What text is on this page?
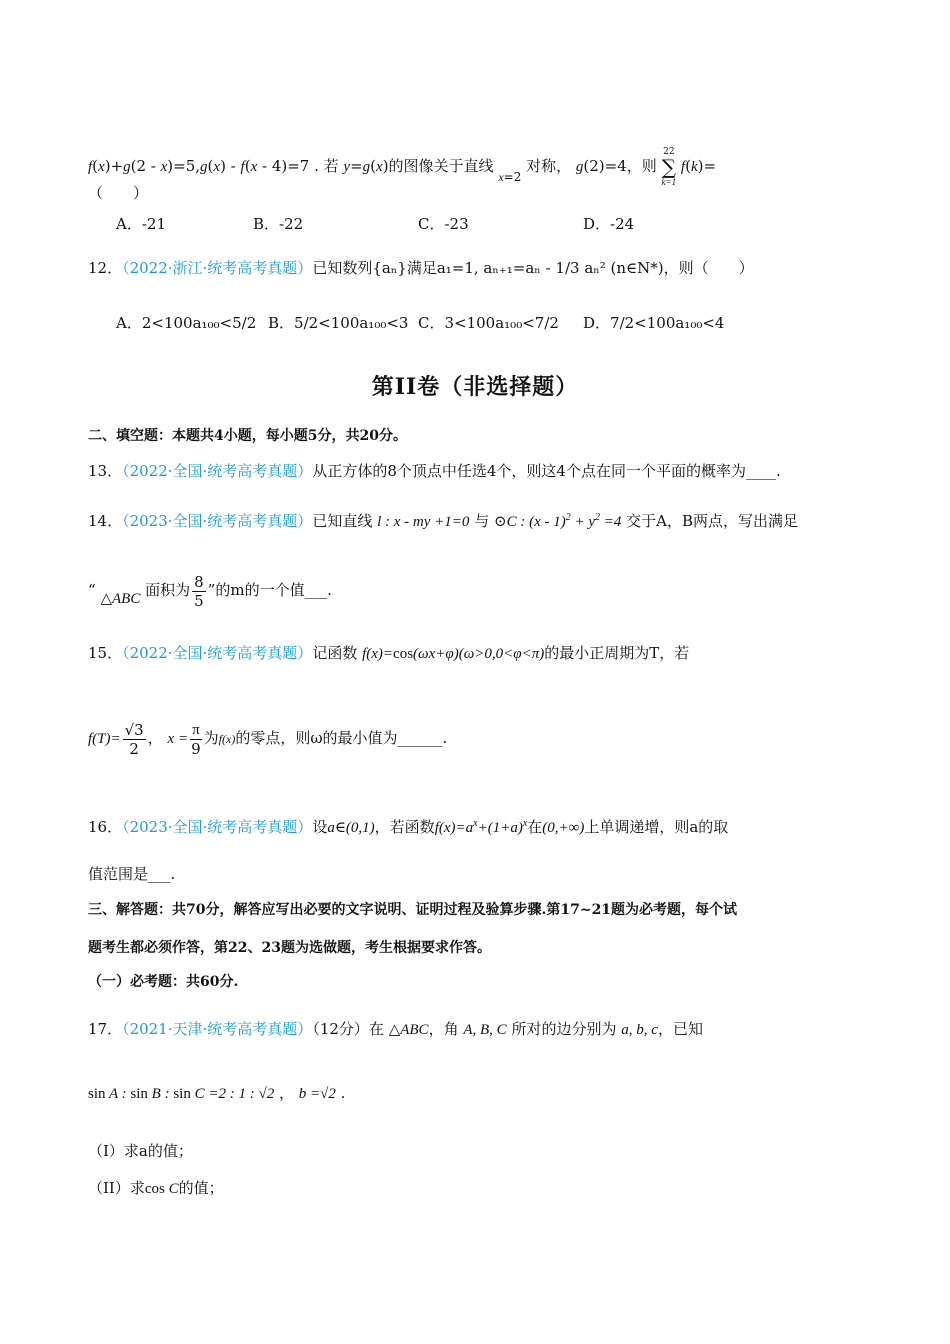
f(x)+g(2 - x)=5,g(x) - f(x - 4)=7 . 若 y=g(x)的图像关于直线 $_{x=2}$ 对称， g(2)=4，则
22
∑
k=1
f(k)=
（　　）
A．-21	B．-22	C．-23	D．-24
12．（2022·浙江·统考高考真题）已知数列{aₙ}满足a₁=1, aₙ₊₁=aₙ - 1/3 aₙ² (n∈N*)，则（　　）
A．2<100a₁₀₀<5/2 B．5/2<100a₁₀₀<3 C．3<100a₁₀₀<7/2 D．7/2<100a₁₀₀<4
第II卷（非选择题）
二、填空题：本题共4小题，每小题5分，共20分。
13．（2022·全国·统考高考真题）从正方体的8个顶点中任选4个，则这4个点在同一个平面的概率为____.
14．（2023·全国·统考高考真题）已知直线 l : x - my +1=0 与 ⊙C : $(x - 1)^2 + y^2 =4$ 交于A，B两点，写出满足
“ △ABC 面积为 $\frac{8}{5}$ ”的m的一个值___.
15．（2022·全国·统考高考真题）记函数 f(x)=cos(ωx+φ)(ω>0,0<φ<π)的最小正周期为T，若
$f(T)= \frac{√3}{2}$ ， $x = \frac{\pi}{9}$ 为f(x)的零点，则ω的最小值为______.
16．（2023·全国·统考高考真题）设a∈(0,1)，若函数$f(x)=a^x+(1+a)^x$在(0,+∞)上单调递增，则a的取
值范围是___.
三、解答题：共70分，解答应写出必要的文字说明、证明过程及验算步骤.第17~21题为必考题，每个试
题考生都必须作答，第22、23题为选做题，考生根据要求作答。
（一）必考题：共60分.
17．（2021·天津·统考高考真题）（12分）在 △ABC，角 A, B, C 所对的边分别为 a, b, c，已知
sin A : sin B : sin C =2 : 1 : √2 ， b =√2 .
（I）求a的值；
（II）求cos C的值；
